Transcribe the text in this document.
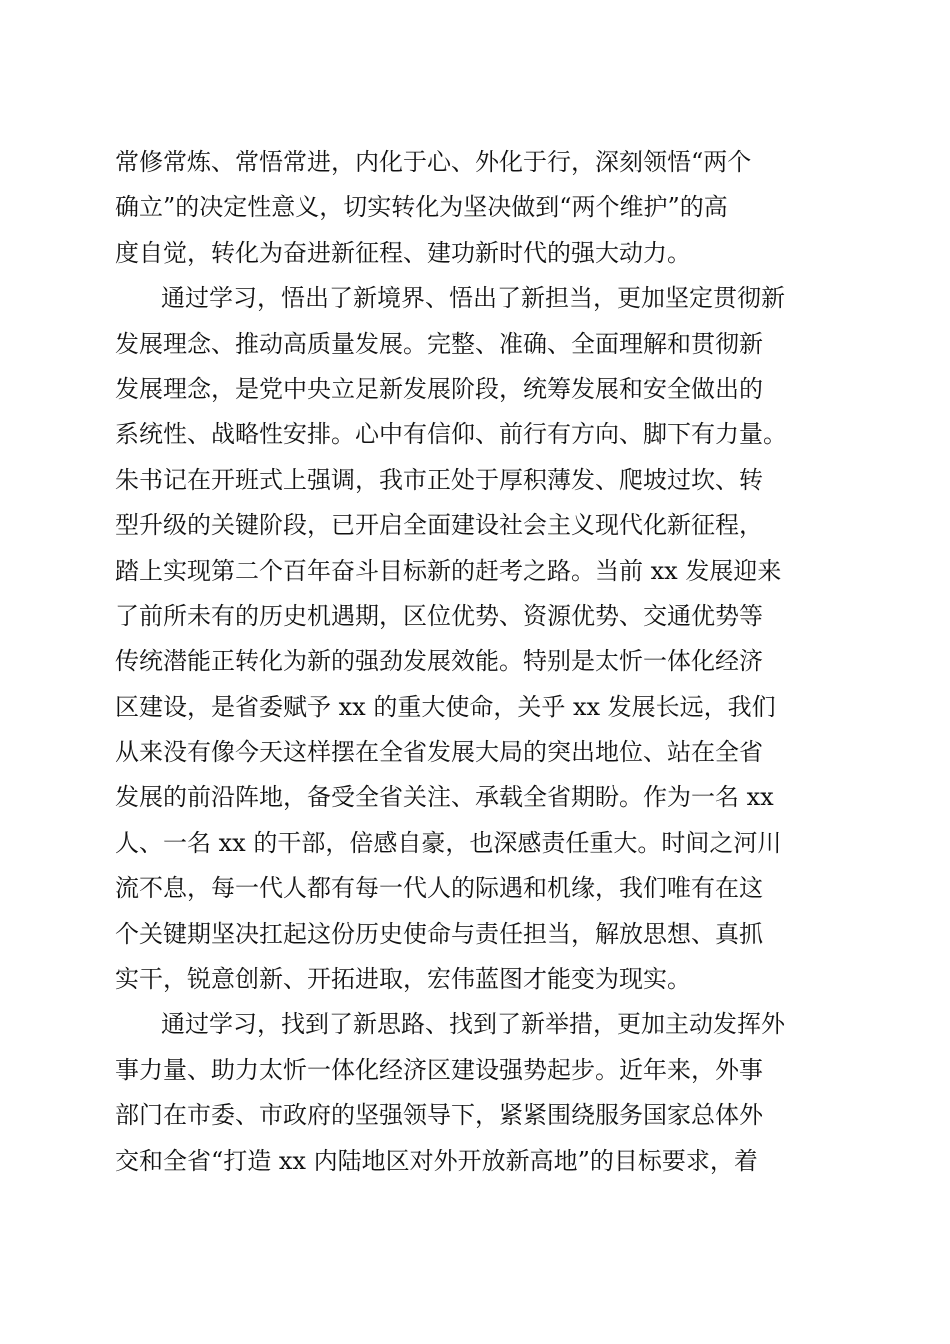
常修常炼、常悟常进，内化于心、外化于行，深刻领悟“两个
确立”的决定性意义，切实转化为坚决做到“两个维护”的高
度自觉，转化为奋进新征程、建功新时代的强大动力。
通过学习，悟出了新境界、悟出了新担当，更加坚定贯彻新
发展理念、推动高质量发展。完整、准确、全面理解和贯彻新
发展理念，是党中央立足新发展阶段，统筹发展和安全做出的
系统性、战略性安排。心中有信仰、前行有方向、脚下有力量。
朱书记在开班式上强调，我市正处于厚积薄发、爬坡过坎、转
型升级的关键阶段，已开启全面建设社会主义现代化新征程，
踏上实现第二个百年奋斗目标新的赶考之路。当前 xx 发展迎来
了前所未有的历史机遇期，区位优势、资源优势、交通优势等
传统潜能正转化为新的强劲发展效能。特别是太忻一体化经济
区建设，是省委赋予 xx 的重大使命，关乎 xx 发展长远，我们
从来没有像今天这样摆在全省发展大局的突出地位、站在全省
发展的前沿阵地，备受全省关注、承载全省期盼。作为一名 xx
人、一名 xx 的干部，倍感自豪，也深感责任重大。时间之河川
流不息，每一代人都有每一代人的际遇和机缘，我们唯有在这
个关键期坚决扛起这份历史使命与责任担当，解放思想、真抓
实干，锐意创新、开拓进取，宏伟蓝图才能变为现实。
通过学习，找到了新思路、找到了新举措，更加主动发挥外
事力量、助力太忻一体化经济区建设强势起步。近年来，外事
部门在市委、市政府的坚强领导下，紧紧围绕服务国家总体外
交和全省“打造 xx 内陆地区对外开放新高地”的目标要求，着
